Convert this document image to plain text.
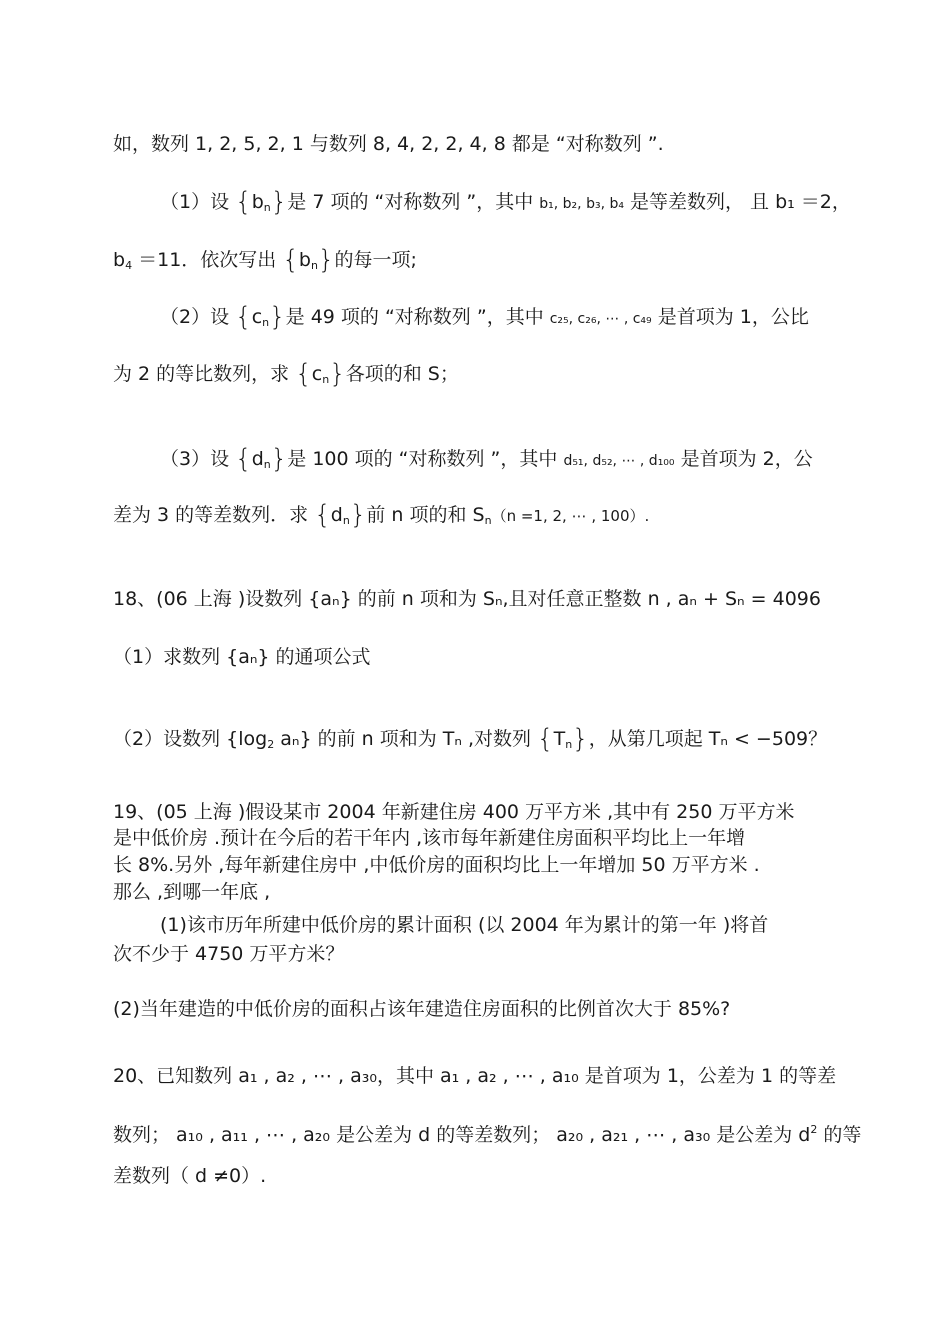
如，数列 1, 2, 5, 2, 1 与数列 8, 4, 2, 2, 4, 8 都是 “对称数列 ”.
（1）设 $\{b_n\}$是 7 项的 “对称数列 ”，其中 b₁, b₂, b₃, b₄ 是等差数列， 且 b₁ ＝2，
$b_4 =11$．依次写出 $\{b_n\}$的每一项;
（2）设 $\{c_n\}$是 49 项的 “对称数列 ”，其中 c₂₅, c₂₆, ⋯ , c₄₉ 是首项为 1，公比
为 2 的等比数列，求 $\{c_n\}$各项的和 S；
（3）设 $\{d_n\}$是 100 项的 “对称数列 ”，其中 d₅₁, d₅₂, ⋯ , d₁₀₀ 是首项为 2，公
差为 3 的等差数列．求 $\{d_n\}$前 n 项的和 $S_n(n =1$, 2, ⋯ , 100）.
18、(06 上海 )设数列 {aₙ} 的前 n 项和为 Sₙ,且对任意正整数 n , aₙ + Sₙ = 4096
（1）求数列 {aₙ} 的通项公式
（2）设数列 {$\log_2$ aₙ} 的前 n 项和为 Tₙ ,对数列 $\{T_n\}$，从第几项起 Tₙ < −509？
19、(05 上海 )假设某市 2004 年新建住房 400 万平方米 ,其中有 250 万平方米
是中低价房 .预计在今后的若干年内 ,该市每年新建住房面积平均比上一年增
长 8%.另外 ,每年新建住房中 ,中低价房的面积均比上一年增加 50 万平方米 .
那么 ,到哪一年底 ,
(1)该市历年所建中低价房的累计面积 (以 2004 年为累计的第一年 )将首
次不少于 4750 万平方米？
(2)当年建造的中低价房的面积占该年建造住房面积的比例首次大于 85%?
20、已知数列 a₁ , a₂ , ⋯ , a₃₀，其中 a₁ , a₂ , ⋯ , a₁₀ 是首项为 1，公差为 1 的等差
数列； a₁₀ , a₁₁ , ⋯ , a₂₀ 是公差为 d 的等差数列； a₂₀ , a₂₁ , ⋯ , a₃₀ 是公差为 $d^2$ 的等
差数列（ d ≠0）.
